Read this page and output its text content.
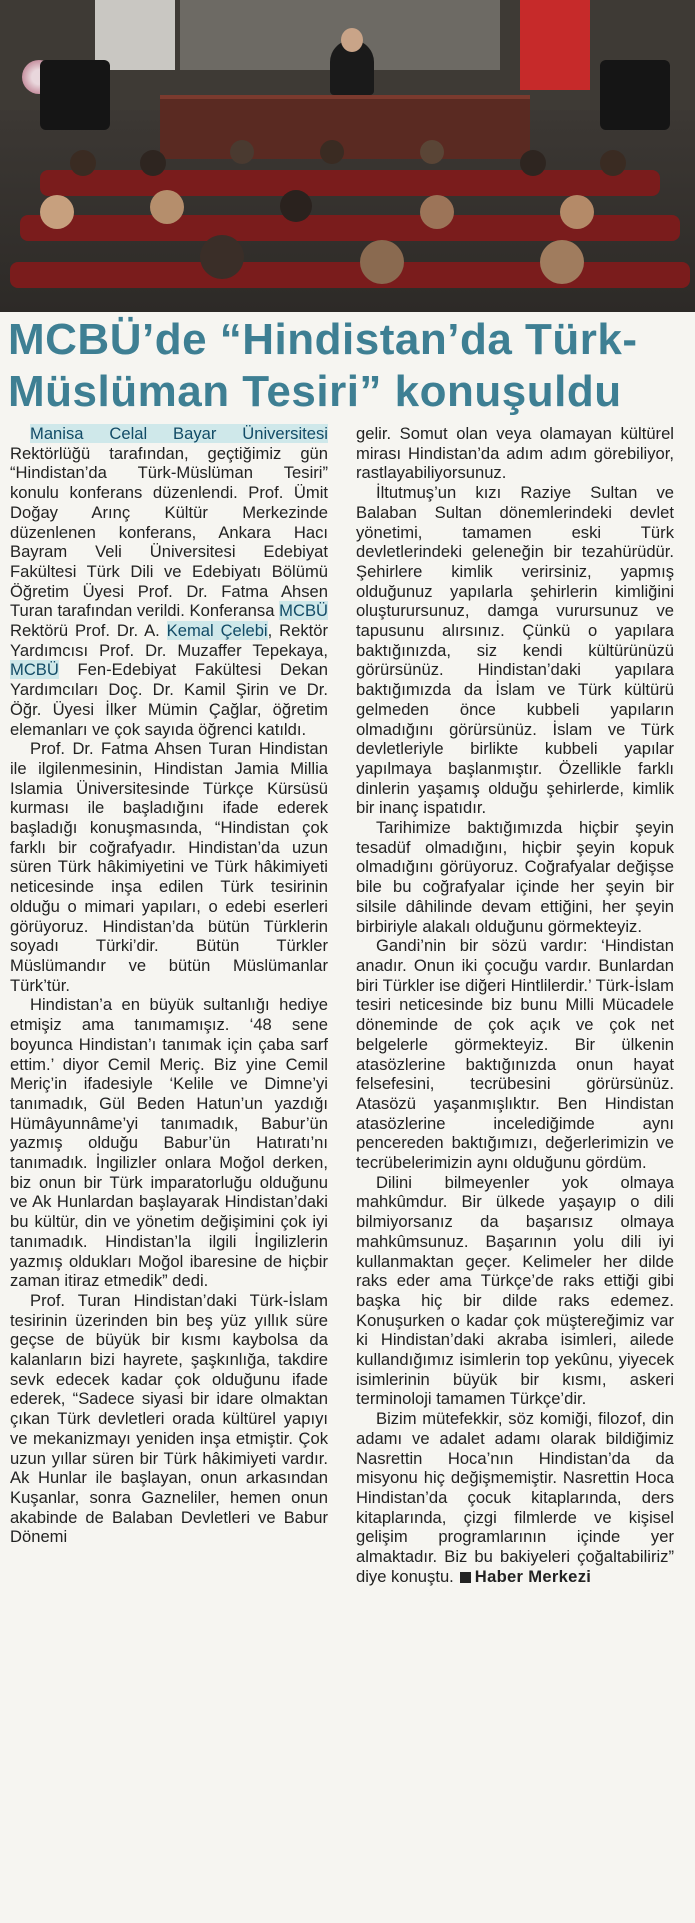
MCBÜ’de “Hindistan’da Türk-
Müslüman Tesiri” konuşuldu

Manisa Celal Bayar Üniversitesi Rektörlüğü tarafından, geçtiğimiz gün “Hindistan’da Türk-Müslüman Tesiri” konulu konferans düzenlendi. Prof. Ümit Doğay Arınç Kültür Merkezinde düzenlenen konferans, Ankara Hacı Bayram Veli Üniversitesi Edebiyat Fakültesi Türk Dili ve Edebiyatı Bölümü Öğretim Üyesi Prof. Dr. Fatma Ahsen Turan tarafından verildi. Konferansa MCBÜ Rektörü Prof. Dr. A. Kemal Çelebi, Rektör Yardımcısı Prof. Dr. Muzaffer Tepekaya, MCBÜ Fen-Edebiyat Fakültesi Dekan Yardımcıları Doç. Dr. Kamil Şirin ve Dr. Öğr. Üyesi İlker Mümin Çağlar, öğretim elemanları ve çok sayıda öğrenci katıldı.

Prof. Dr. Fatma Ahsen Turan Hindistan ile ilgilenmesinin, Hindistan Jamia Millia Islamia Üniversitesinde Türkçe Kürsüsü kurması ile başladığını ifade ederek başladığı konuşmasında, “Hindistan çok farklı bir coğrafyadır. Hindistan’da uzun süren Türk hâkimiyetini ve Türk hâkimiyeti neticesinde inşa edilen Türk tesirinin olduğu o mimari yapıları, o edebi eserleri görüyoruz. Hindistan’da bütün Türklerin soyadı Türki’dir. Bütün Türkler Müslümandır ve bütün Müslümanlar Türk’tür.

Hindistan’a en büyük sultanlığı hediye etmişiz ama tanımamışız. ‘48 sene boyunca Hindistan’ı tanımak için çaba sarf ettim.’ diyor Cemil Meriç. Biz yine Cemil Meriç’in ifadesiyle ‘Kelile ve Dimne’yi tanımadık, Gül Beden Hatun’un yazdığı Hümâyunnâme’yi tanımadık, Babur’ün yazmış olduğu Babur’ün Hatıratı’nı tanımadık. İngilizler onlara Moğol derken, biz onun bir Türk imparatorluğu olduğunu ve Ak Hunlardan başlayarak Hindistan’daki bu kültür, din ve yönetim değişimini çok iyi tanımadık. Hindistan’la ilgili İngilizlerin yazmış oldukları Moğol ibaresine de hiçbir zaman itiraz etmedik” dedi.

Prof. Turan Hindistan’daki Türk-İslam tesirinin üzerinden bin beş yüz yıllık süre geçse de büyük bir kısmı kaybolsa da kalanların bizi hayrete, şaşkınlığa, takdire sevk edecek kadar çok olduğunu ifade ederek, “Sadece siyasi bir idare olmaktan çıkan Türk devletleri orada kültürel yapıyı ve mekanizmayı yeniden inşa etmiştir. Çok uzun yıllar süren bir Türk hâkimiyeti vardır. Ak Hunlar ile başlayan, onun arkasından Kuşanlar, sonra Gazneliler, hemen onun akabinde de Balaban Devletleri ve Babur Dönemi

gelir. Somut olan veya olamayan kültürel mirası Hindistan’da adım adım görebiliyor, rastlayabiliyorsunuz.

İltutmuş’un kızı Raziye Sultan ve Balaban Sultan dönemlerindeki devlet yönetimi, tamamen eski Türk devletlerindeki geleneğin bir tezahürüdür. Şehirlere kimlik verirsiniz, yapmış olduğunuz yapılarla şehirlerin kimliğini oluşturursunuz, damga vurursunuz ve tapusunu alırsınız. Çünkü o yapılara baktığınızda, siz kendi kültürünüzü görürsünüz. Hindistan’daki yapılara baktığımızda da İslam ve Türk kültürü gelmeden önce kubbeli yapıların olmadığını görürsünüz. İslam ve Türk devletleriyle birlikte kubbeli yapılar yapılmaya başlanmıştır. Özellikle farklı dinlerin yaşamış olduğu şehirlerde, kimlik bir inanç ispatıdır.

Tarihimize baktığımızda hiçbir şeyin tesadüf olmadığını, hiçbir şeyin kopuk olmadığını görüyoruz. Coğrafyalar değişse bile bu coğrafyalar içinde her şeyin bir silsile dâhilinde devam ettiğini, her şeyin birbiriyle alakalı olduğunu görmekteyiz.

Gandi’nin bir sözü vardır: ‘Hindistan anadır. Onun iki çocuğu vardır. Bunlardan biri Türkler ise diğeri Hintlilerdir.’ Türk-İslam tesiri neticesinde biz bunu Milli Mücadele döneminde de çok açık ve çok net belgelerle görmekteyiz. Bir ülkenin atasözlerine baktığınızda onun hayat felsefesini, tecrübesini görürsünüz. Atasözü yaşanmışlıktır. Ben Hindistan atasözlerine incelediğimde aynı pencereden baktığımızı, değerlerimizin ve tecrübelerimizin aynı olduğunu gördüm.

Dilini bilmeyenler yok olmaya mahkûmdur. Bir ülkede yaşayıp o dili bilmiyorsanız da başarısız olmaya mahkûmsunuz. Başarının yolu dili iyi kullanmaktan geçer. Kelimeler her dilde raks eder ama Türkçe’de raks ettiği gibi başka hiç bir dilde raks edemez. Konuşurken o kadar çok müştereğimiz var ki Hindistan’daki akraba isimleri, ailede kullandığımız isimlerin top yekûnu, yiyecek isimlerinin büyük bir kısmı, askeri terminoloji tamamen Türkçe’dir.

Bizim mütefekkir, söz komiği, filozof, din adamı ve adalet adamı olarak bildiğimiz Nasrettin Hoca’nın Hindistan’da da misyonu hiç değişmemiştir. Nasrettin Hoca Hindistan’da çocuk kitaplarında, ders kitaplarında, çizgi filmlerde ve kişisel gelişim programlarının içinde yer almaktadır. Biz bu bakiyeleri çoğaltabiliriz” diye konuştu. Haber Merkezi
